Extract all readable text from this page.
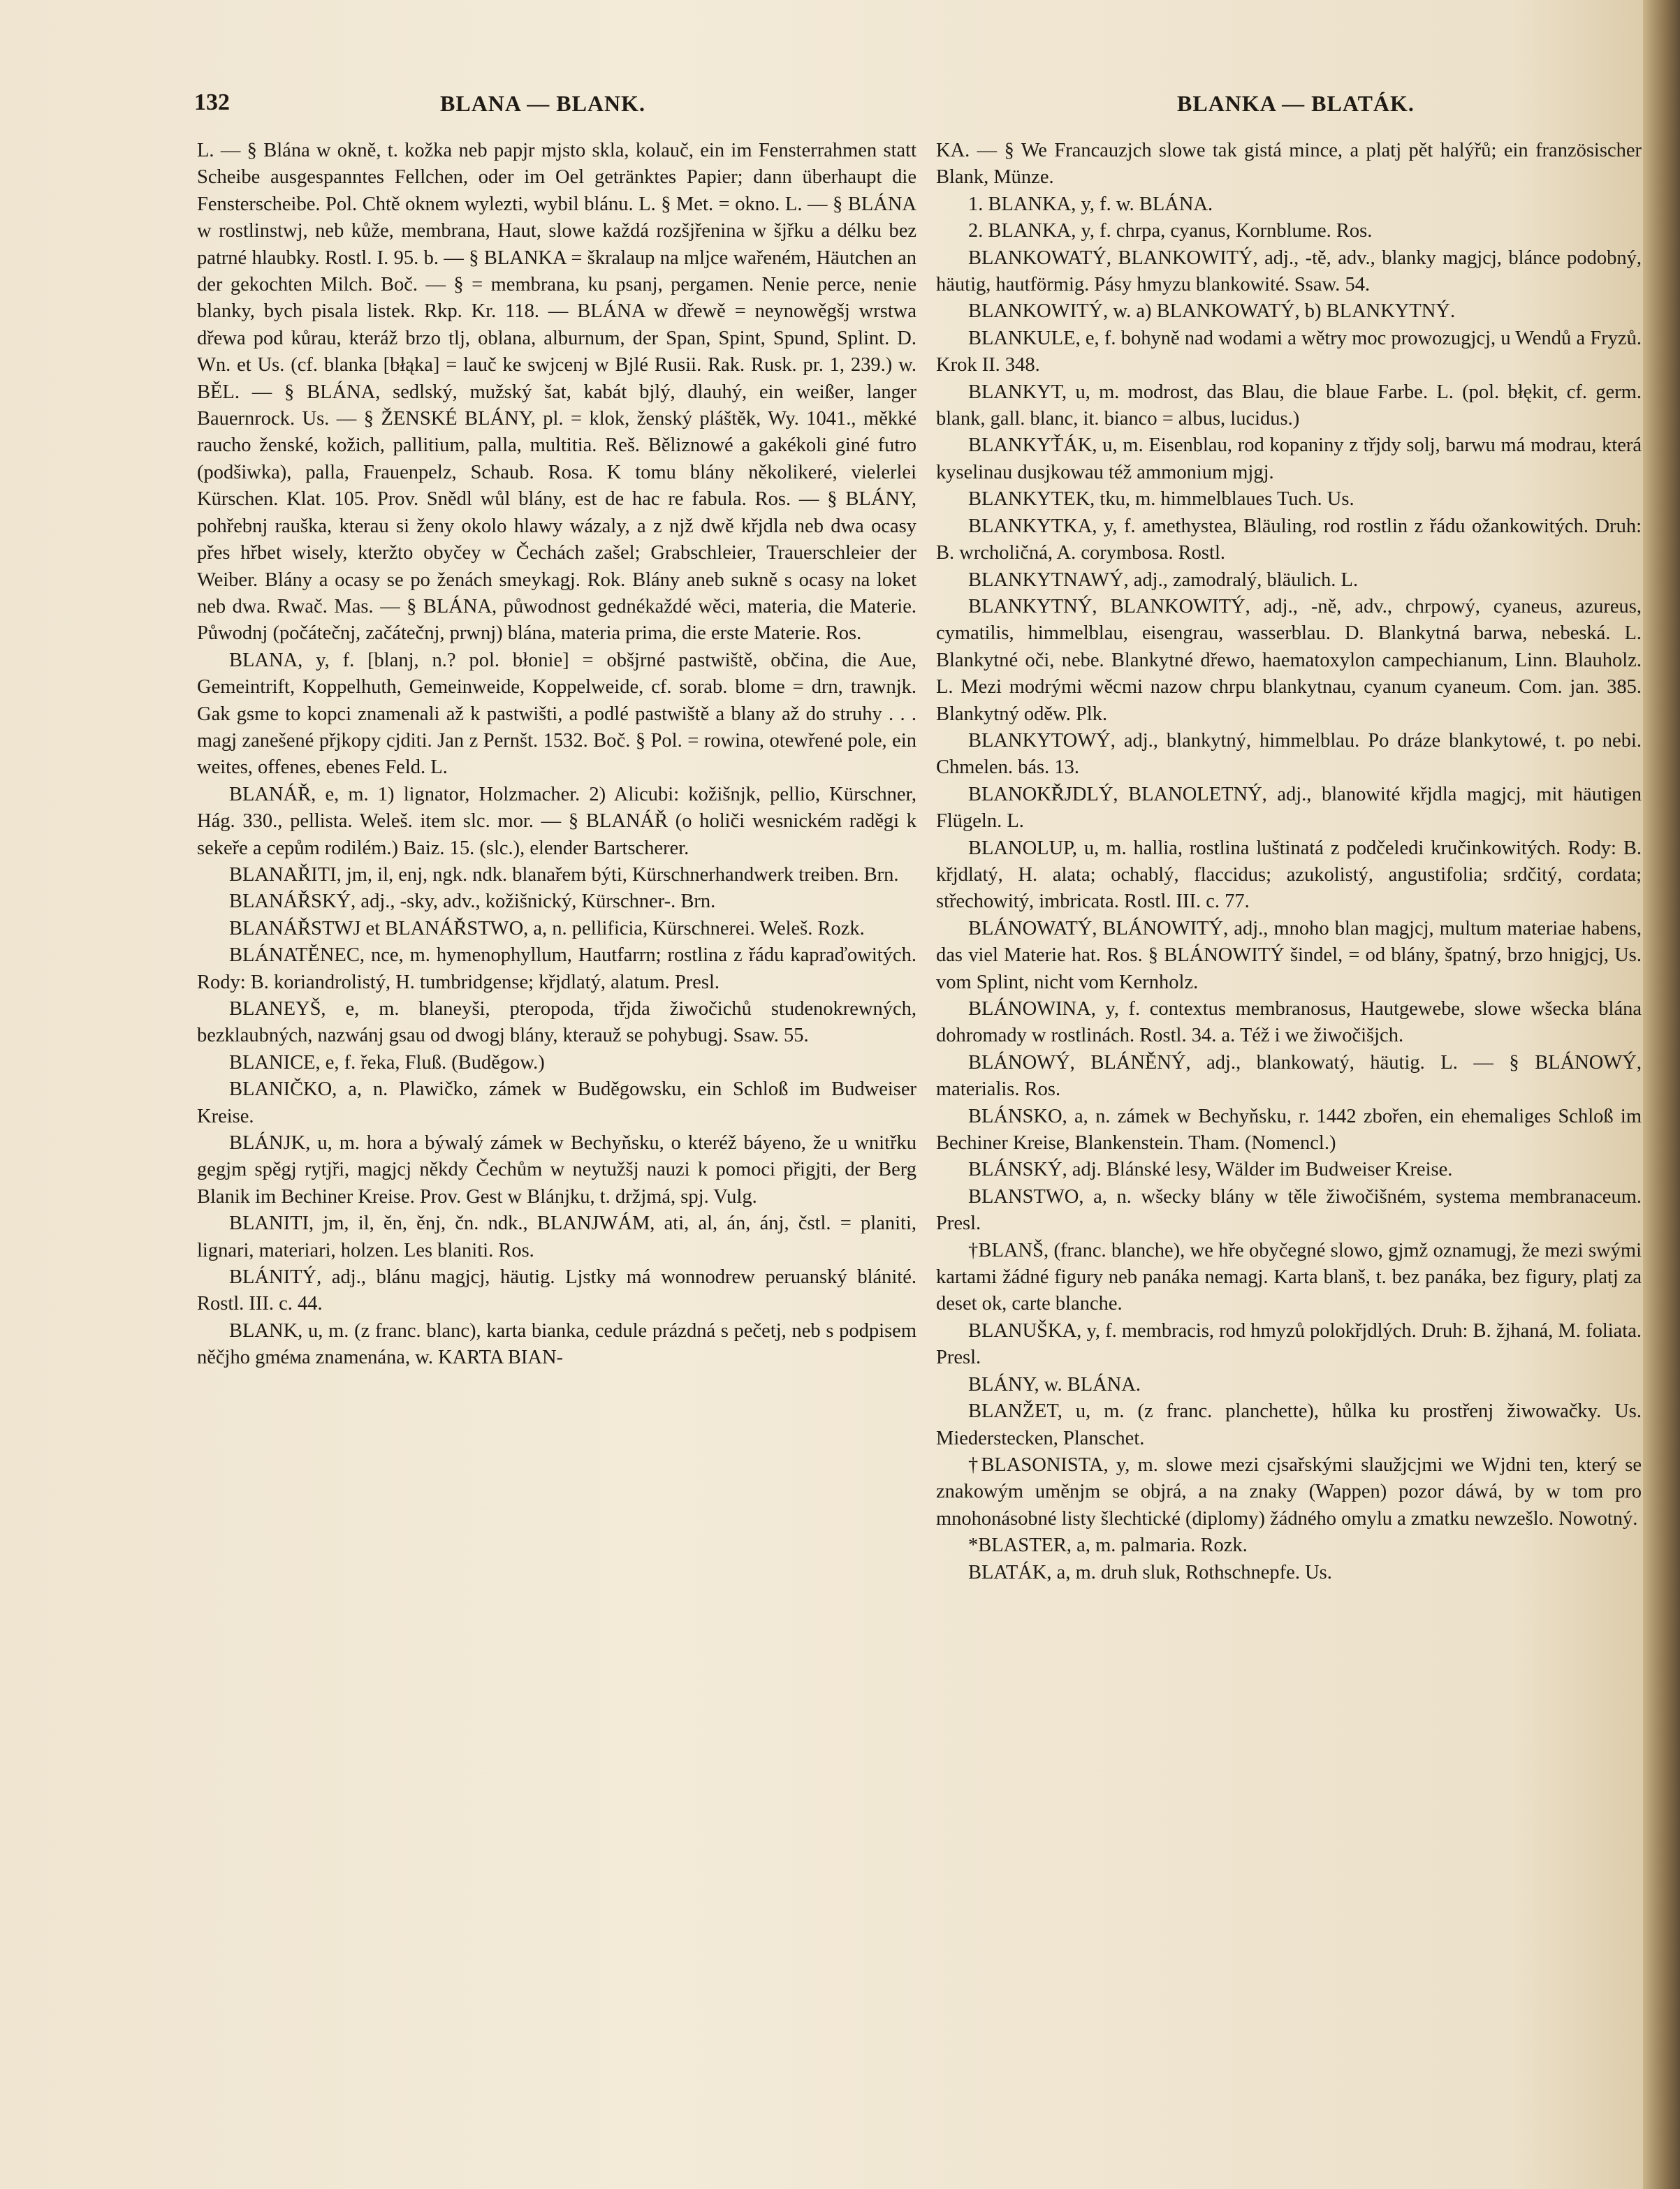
132	BLANA — BLANK.	BLANKA — BLATÁK.

L. — § Blána w okně, t. kožka neb papjr mjsto skla, kolauč, ein im Fensterrahmen statt Scheibe ausgespanntes Fellchen, oder im Oel getränktes Papier; dann überhaupt die Fensterscheibe. Pol. Chtě oknem wylezti, wybil blánu. L. § Met. = okno. L. — § BLÁNA w rostlinstwj, neb kůže, membrana, Haut, slowe každá rozšjřenina w šjřku a délku bez patrné hlaubky. Rostl. I. 95. b. — § BLANKA = škralaup na mljce wařeném, Häutchen an der gekochten Milch. Boč. — § = membrana, ku psanj, pergamen. Nenie perce, nenie blanky, bych pisala listek. Rkp. Kr. 118. — BLÁNA w dřewě = neynowěgšj wrstwa dřewa pod kůrau, kteráž brzo tlj, oblana, alburnum, der Span, Spint, Spund, Splint. D. Wn. et Us. (cf. blanka [błąka] = lauč ke swjcenj w Bjlé Rusii. Rak. Rusk. pr. 1, 239.) w. BĚL. — § BLÁNA, sedlský, mužský šat, kabát bjlý, dlauhý, ein weißer, langer Bauernrock. Us. — § ŽENSKÉ BLÁNY, pl. = klok, ženský pláštěk, Wy. 1041., měkké raucho ženské, kožich, pallitium, palla, multitia. Reš. Běliznowé a gakékoli giné futro (podšiwka), palla, Frauenpelz, Schaub. Rosa. K tomu blány několikeré, vielerlei Kürschen. Klat. 105. Prov. Snědl wůl blány, est de hac re fabula. Ros. — § BLÁNY, pohřebnj rauška, kterau si ženy okolo hlawy wázaly, a z njž dwě křjdla neb dwa ocasy přes hřbet wisely, kteržto obyčey w Čechách zašel; Grabschleier, Trauerschleier der Weiber. Blány a ocasy se po ženách smeykagj. Rok. Blány aneb sukně s ocasy na loket neb dwa. Rwač. Mas. — § BLÁNA, půwodnost gednékaždé wěci, materia, die Materie. Půwodnj (počátečnj, začátečnj, prwnj) blána, materia prima, die erste Materie. Ros.

BLANA, y, f. [blanj, n.? pol. błonie] = obšjrné pastwiště, občina, die Aue, Gemeintrift, Koppelhuth, Gemeinweide, Koppelweide, cf. sorab. blome = drn, trawnjk. Gak gsme to kopci znamenali až k pastwišti, a podlé pastwiště a blany až do struhy . . . magj zanešené přjkopy cjditi. Jan z Pernšt. 1532. Boč. § Pol. = rowina, otewřené pole, ein weites, offenes, ebenes Feld. L.

BLANÁŘ, e, m. 1) lignator, Holzmacher. 2) Alicubi: kožišnjk, pellio, Kürschner, Hág. 330., pellista. Weleš. item slc. mor. — § BLANÁŘ (o holiči wesnickém raděgi k sekeře a cepům rodilém.) Baiz. 15. (slc.), elender Bartscherer.

BLANAŘITI, jm, il, enj, ngk. ndk. blanařem býti, Kürschnerhandwerk treiben. Brn.

BLANÁŘSKÝ, adj., -sky, adv., kožišnický, Kürschner-. Brn.

BLANÁŘSTWJ et BLANÁŘSTWO, a, n. pellificia, Kürschnerei. Weleš. Rozk.

BLÁNATĚNEC, nce, m. hymenophyllum, Hautfarrn; rostlina z řádu kapraďowitých. Rody: B. koriandrolistý, H. tumbridgense; křjdlatý, alatum. Presl.

BLANEYŠ, e, m. blaneyši, pteropoda, třjda žiwočichů studenokrewných, bezklaubných, nazwánj gsau od dwogj blány, kterauž se pohybugj. Ssaw. 55.

BLANICE, e, f. řeka, Fluß. (Buděgow.)

BLANIČKO, a, n. Plawičko, zámek w Buděgowsku, ein Schloß im Budweiser Kreise.

BLÁNJK, u, m. hora a býwalý zámek w Bechyňsku, o kteréž báyeno, že u wnitřku gegjm spěgj rytjři, magjcj někdy Čechům w neytužšj nauzi k pomoci přigjti, der Berg Blanik im Bechiner Kreise. Prov. Gest w Blánjku, t. držjmá, spj. Vulg.

BLANITI, jm, il, ěn, ěnj, čn. ndk., BLANJWÁM, ati, al, án, ánj, čstl. = planiti, lignari, materiari, holzen. Les blaniti. Ros.

BLÁNITÝ, adj., blánu magjcj, häutig. Ljstky má wonnodrew peruanský blánité. Rostl. III. c. 44.

BLANK, u, m. (z franc. blanc), karta bianka, cedule prázdná s pečetj, neb s podpisem něčjho gméма znamenána, w. KARTA BIAN-

KA. — § We Francauzjch slowe tak gistá mince, a platj pět halýřů; ein französischer Blank, Münze.

1. BLANKA, y, f. w. BLÁNA.

2. BLANKA, y, f. chrpa, cyanus, Kornblume. Ros.

BLANKOWATÝ, BLANKOWITÝ, adj., -tě, adv., blanky magjcj, blánce podobný, häutig, hautförmig. Pásy hmyzu blankowité. Ssaw. 54.

BLANKOWITÝ, w. a) BLANKOWATÝ, b) BLANKYTNÝ.

BLANKULE, e, f. bohyně nad wodami a wětry moc prowozugjcj, u Wendů a Fryzů. Krok II. 348.

BLANKYT, u, m. modrost, das Blau, die blaue Farbe. L. (pol. błękit, cf. germ. blank, gall. blanc, it. bianco = albus, lucidus.)

BLANKYŤÁK, u, m. Eisenblau, rod kopaniny z třjdy solj, barwu má modrau, která kyselinau dusjkowau též ammonium mjgj.

BLANKYTEK, tku, m. himmelblaues Tuch. Us.

BLANKYTKA, y, f. amethystea, Bläuling, rod rostlin z řádu ožankowitých. Druh: B. wrcholičná, A. corymbosa. Rostl.

BLANKYTNAWÝ, adj., zamodralý, bläulich. L.

BLANKYTNÝ, BLANKOWITÝ, adj., -ně, adv., chrpowý, cyaneus, azureus, cymatilis, himmelblau, eisengrau, wasserblau. D. Blankytná barwa, nebeská. L. Blankytné oči, nebe. Blankytné dřewo, haematoxylon campechianum, Linn. Blauholz. L. Mezi modrými wěcmi nazow chrpu blankytnau, cyanum cyaneum. Com. jan. 385. Blankytný oděw. Plk.

BLANKYTOWÝ, adj., blankytný, himmelblau. Po dráze blankytowé, t. po nebi. Chmelen. bás. 13.

BLANOKŘJDLÝ, BLANOLETNÝ, adj., blanowité křjdla magjcj, mit häutigen Flügeln. L.

BLANOLUP, u, m. hallia, rostlina luštinatá z podčeledi kručinkowitých. Rody: B. křjdlatý, H. alata; ochablý, flaccidus; azukolistý, angustifolia; srdčitý, cordata; střechowitý, imbricata. Rostl. III. c. 77.

BLÁNOWATÝ, BLÁNOWITÝ, adj., mnoho blan magjcj, multum materiae habens, das viel Materie hat. Ros. § BLÁNOWITÝ šindel, = od blány, špatný, brzo hnigjcj, Us. vom Splint, nicht vom Kernholz.

BLÁNOWINA, y, f. contextus membranosus, Hautgewebe, slowe wšecka blána dohromady w rostlinách. Rostl. 34. a. Též i we žiwočišjch.

BLÁNOWÝ, BLÁNĚNÝ, adj., blankowatý, häutig. L. — § BLÁNOWÝ, materialis. Ros.

BLÁNSKO, a, n. zámek w Bechyňsku, r. 1442 zbořen, ein ehemaliges Schloß im Bechiner Kreise, Blankenstein. Tham. (Nomencl.)

BLÁNSKÝ, adj. Blánské lesy, Wälder im Budweiser Kreise.

BLANSTWO, a, n. wšecky blány w těle žiwočišném, systema membranaceum. Presl.

†BLANŠ, (franc. blanche), we hře obyčegné slowo, gjmž oznamugj, že mezi swými kartami žádné figury neb panáka nemagj. Karta blanš, t. bez panáka, bez figury, platj za deset ok, carte blanche.

BLANUŠKA, y, f. membracis, rod hmyzů polokřjdlých. Druh: B. žjhaná, M. foliata. Presl.

BLÁNY, w. BLÁNA.

BLANŽET, u, m. (z franc. planchette), hůlka ku prostřenj žiwowačky. Us. Miederstecken, Planschet.

†BLASONISTA, y, m. slowe mezi cjsařskými slaužjcjmi we Wjdni ten, který se znakowým uměnjm se objrá, a na znaky (Wappen) pozor dáwá, by w tom pro mnohonásobné listy šlechtické (diplomy) žádného omylu a zmatku newzešlo. Nowotný.

*BLASTER, a, m. palmaria. Rozk.

BLATÁK, a, m. druh sluk, Rothschnepfe. Us.
